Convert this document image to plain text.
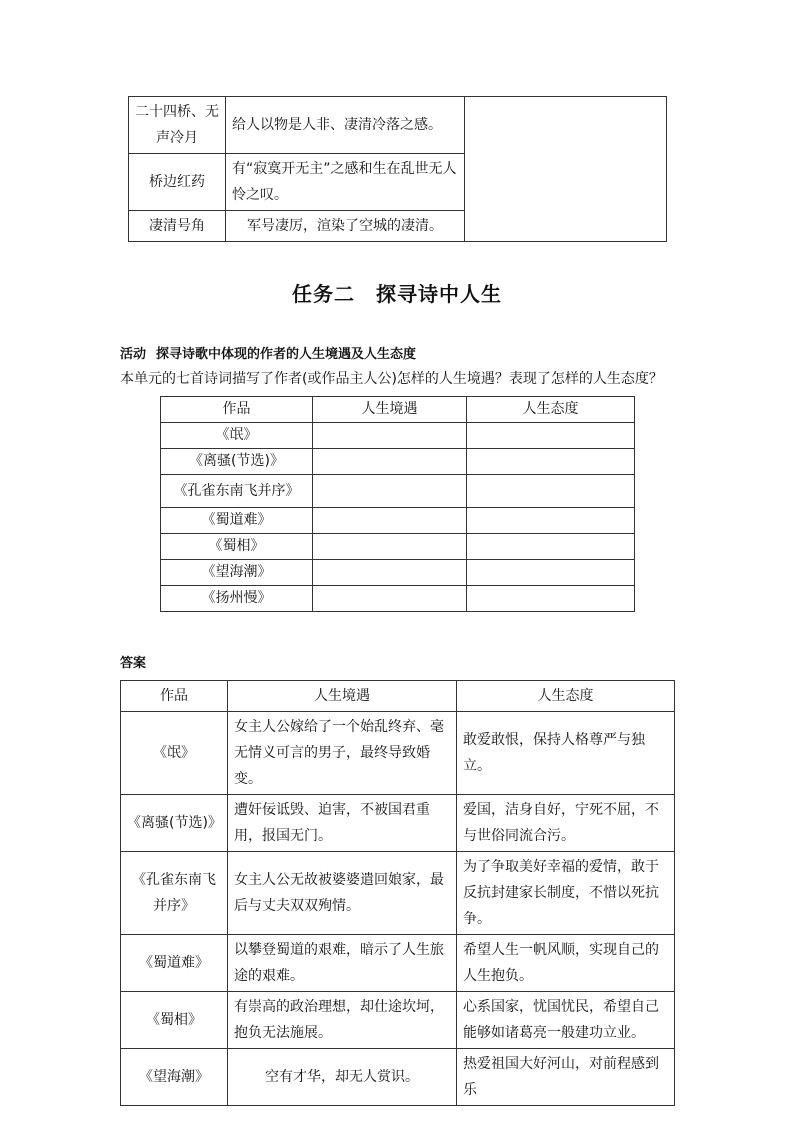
二十四桥、无声冷月	给人以物是人非、凄清冷落之感。	
桥边红药	有“寂寞开无主”之感和生在乱世无人怜之叹。	
凄清号角	军号凄厉，渲染了空城的凄清。	
任务二　探寻诗中人生
活动 探寻诗歌中体现的作者的人生境遇及人生态度
本单元的七首诗词描写了作者(或作品主人公)怎样的人生境遇？表现了怎样的人生态度？
作品	人生境遇	人生态度
《氓》		
《离骚(节选)》		
《孔雀东南飞并序》		
《蜀道难》		
《蜀相》		
《望海潮》		
《扬州慢》		
答案
作品	人生境遇	人生态度
《氓》	女主人公嫁给了一个始乱终弃、毫无情义可言的男子，最终导致婚变。	敢爱敢恨，保持人格尊严与独立。
《离骚(节选)》	遭奸佞诋毁、迫害，不被国君重用，报国无门。	爱国，洁身自好，宁死不屈，不与世俗同流合污。
《孔雀东南飞并序》	女主人公无故被婆婆遣回娘家，最后与丈夫双双殉情。	为了争取美好幸福的爱情，敢于反抗封建家长制度，不惜以死抗争。
《蜀道难》	以攀登蜀道的艰难，暗示了人生旅途的艰难。	希望人生一帆风顺，实现自己的人生抱负。
《蜀相》	有崇高的政治理想，却仕途坎坷，抱负无法施展。	心系国家，忧国忧民，希望自己能够如诸葛亮一般建功立业。
《望海潮》	空有才华，却无人赏识。	热爱祖国大好河山，对前程感到乐
